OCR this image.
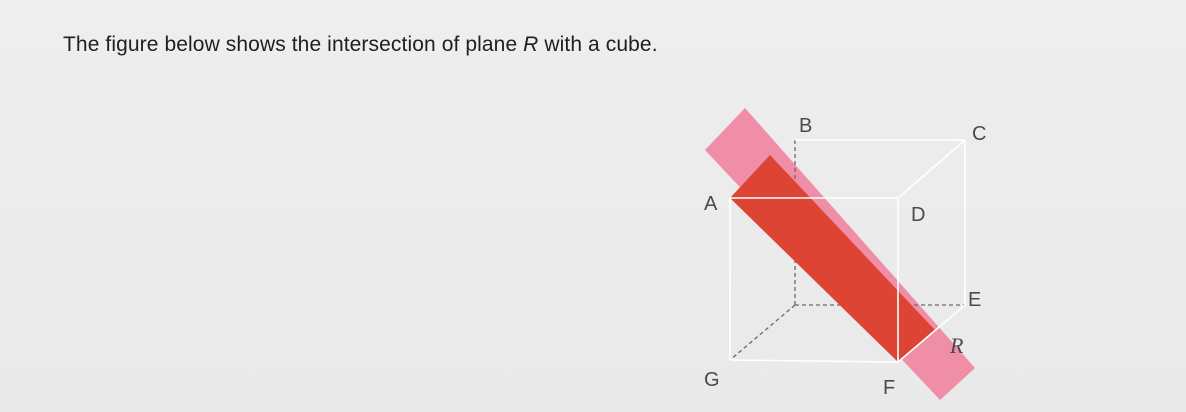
The figure below shows the intersection of plane R with a cube.
B	C
A	D
E
R
G	F
